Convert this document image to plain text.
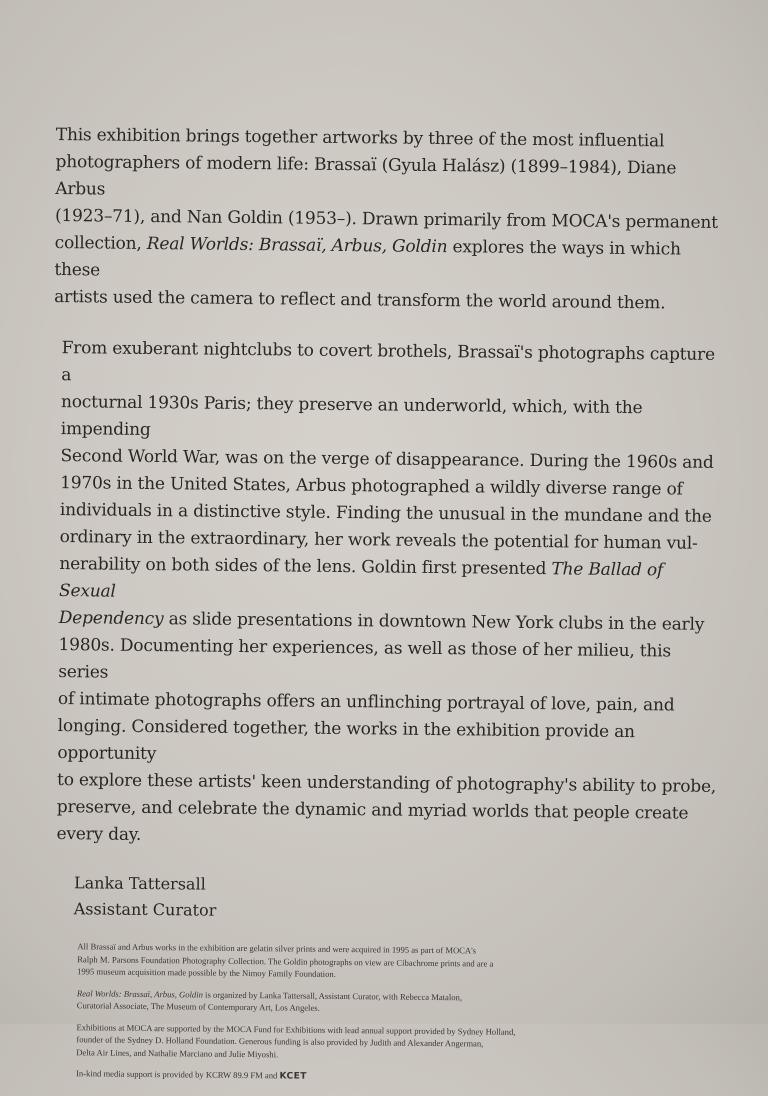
This exhibition brings together artworks by three of the most influential
photographers of modern life: Brassaï (Gyula Halász) (1899–1984), Diane Arbus
(1923–71), and Nan Goldin (1953–). Drawn primarily from MOCA's permanent
collection, Real Worlds: Brassaï, Arbus, Goldin explores the ways in which these
artists used the camera to reflect and transform the world around them.

From exuberant nightclubs to covert brothels, Brassaï's photographs capture a
nocturnal 1930s Paris; they preserve an underworld, which, with the impending
Second World War, was on the verge of disappearance. During the 1960s and
1970s in the United States, Arbus photographed a wildly diverse range of
individuals in a distinctive style. Finding the unusual in the mundane and the
ordinary in the extraordinary, her work reveals the potential for human vul-
nerability on both sides of the lens. Goldin first presented The Ballad of Sexual
Dependency as slide presentations in downtown New York clubs in the early
1980s. Documenting her experiences, as well as those of her milieu, this series
of intimate photographs offers an unflinching portrayal of love, pain, and
longing. Considered together, the works in the exhibition provide an opportunity
to explore these artists' keen understanding of photography's ability to probe,
preserve, and celebrate the dynamic and myriad worlds that people create
every day.

Lanka Tattersall
Assistant Curator

All Brassaï and Arbus works in the exhibition are gelatin silver prints and were acquired in 1995 as part of MOCA's
Ralph M. Parsons Foundation Photography Collection. The Goldin photographs on view are Cibachrome prints and are a
1995 museum acquisition made possible by the Nimoy Family Foundation.

Real Worlds: Brassaï, Arbus, Goldin is organized by Lanka Tattersall, Assistant Curator, with Rebecca Matalon,
Curatorial Associate, The Museum of Contemporary Art, Los Angeles.

Exhibitions at MOCA are supported by the MOCA Fund for Exhibitions with lead annual support provided by Sydney Holland,
founder of the Sydney D. Holland Foundation. Generous funding is also provided by Judith and Alexander Angerman,
Delta Air Lines, and Nathalie Marciano and Julie Miyoshi.

In-kind media support is provided by KCRW 89.9 FM and KCET
